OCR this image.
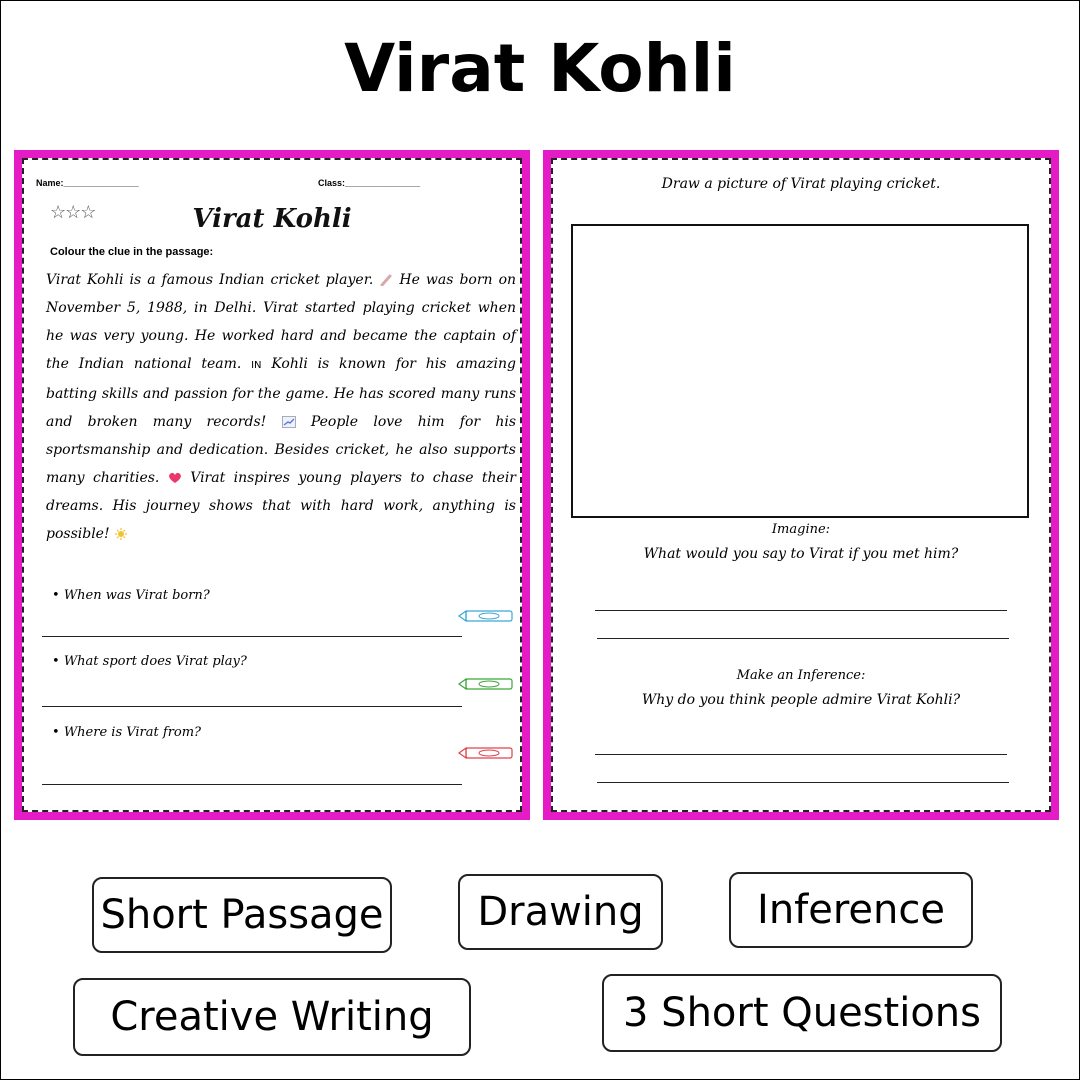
Virat Kohli
Name:_______________	Class:_______________
☆☆☆	Virat Kohli
Colour the clue in the passage:
Virat Kohli is a famous Indian cricket player. He was born on November 5, 1988, in Delhi. Virat started playing cricket when he was very young. He worked hard and became the captain of the Indian national team. IN Kohli is known for his amazing batting skills and passion for the game. He has scored many runs and broken many records!	People love him for his sportsmanship and dedication. Besides cricket, he also supports many charities. Virat inspires young players to chase their dreams. His journey shows that with hard work, anything is possible!
• When was Virat born?
• What sport does Virat play?
• Where is Virat from?
Draw a picture of Virat playing cricket.
Imagine:
What would you say to Virat if you met him?
Make an Inference:
Why do you think people admire Virat Kohli?
Short Passage	Drawing	Inference
Creative Writing	3 Short Questions
